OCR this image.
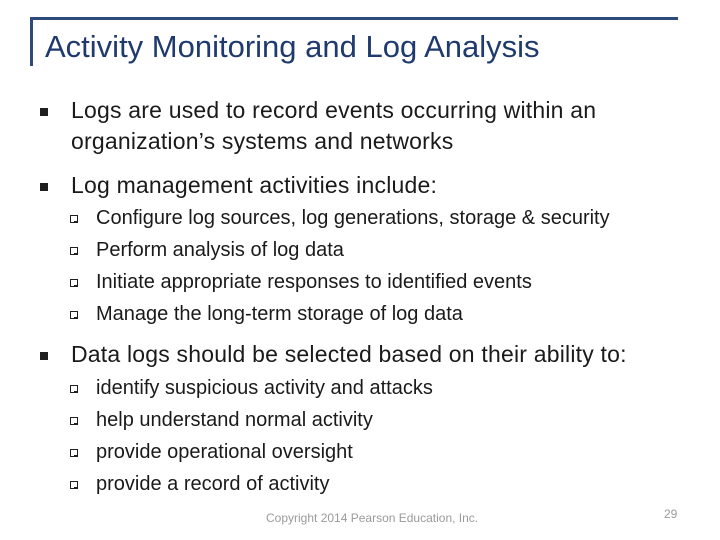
Activity Monitoring and Log Analysis
Logs are used to record events occurring within an
organization’s systems and networks
Log management activities include:
Configure log sources, log generations, storage & security
Perform analysis of log data
Initiate appropriate responses to identified events
Manage the long-term storage of log data
Data logs should be selected based on their ability to:
identify suspicious activity and attacks
help understand normal activity
provide operational oversight
provide a record of activity
Copyright 2014 Pearson Education, Inc.	29
